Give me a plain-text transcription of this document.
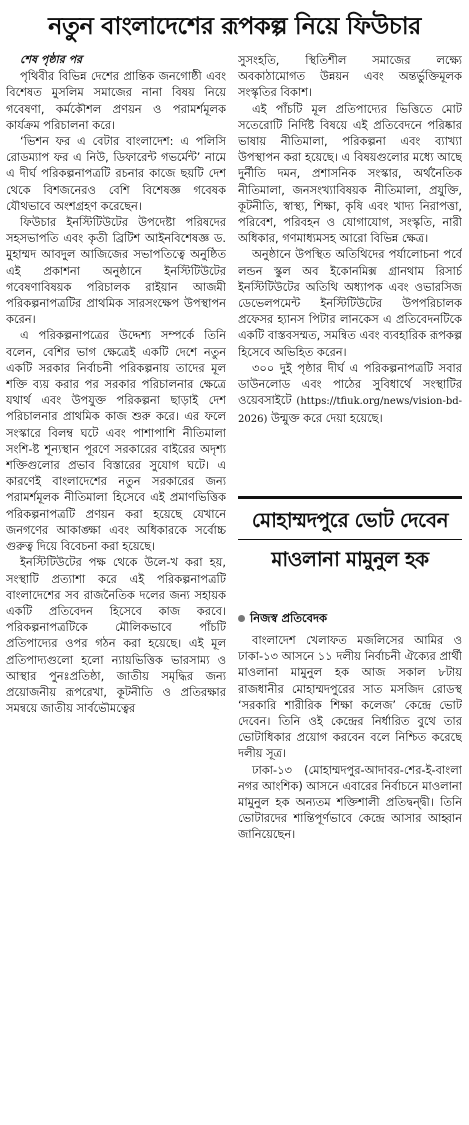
নতুন বাংলাদেশের রূপকল্প নিয়ে ফিউচার

শেষ পৃষ্ঠার পর

পৃথিবীর বিভিন্ন দেশের প্রান্তিক জনগোষ্ঠী এবং বিশেষত মুসলিম সমাজের নানা বিষয় নিয়ে গবেষণা, কর্মকৌশল প্রণয়ন ও পরামর্শমূলক কার্যক্রম পরিচালনা করে।

‘ভিশন ফর এ বেটার বাংলাদেশ: এ পলিসি রোডম্যাপ ফর এ নিউ, ডিফারেন্ট গভর্মেন্ট’ নামে এ দীর্ঘ পরিকল্পনাপত্রটি রচনার কাজে ছয়টি দেশ থেকে বিশজনেরও বেশি বিশেষজ্ঞ গবেষক যৌথভাবে অংশগ্রহণ করেছেন।

ফিউচার ইনস্টিটিউটের উপদেষ্টা পরিষদের সহসভাপতি এবং কৃতী ব্রিটিশ আইনবিশেষজ্ঞ ড. মুহাম্মদ আবদুল আজিজের সভাপতিত্বে অনুষ্ঠিত এই প্রকাশনা অনুষ্ঠানে ইনস্টিটিউটের গবেষণাবিষয়ক পরিচালক রাইয়ান আজমী পরিকল্পনাপত্রটির প্রাথমিক সারসংক্ষেপ উপস্থাপন করেন।

এ পরিকল্পনাপত্রের উদ্দেশ্য সম্পর্কে তিনি বলেন, বেশির ভাগ ক্ষেত্রেই একটি দেশে নতুন একটি সরকার নির্বাচনী পরিকল্পনায় তাদের মূল শক্তি ব্যয় করার পর সরকার পরিচালনার ক্ষেত্রে যথার্থ এবং উপযুক্ত পরিকল্পনা ছাড়াই দেশ পরিচালনার প্রাথমিক কাজ শুরু করে। এর ফলে সংস্কারে বিলম্ব ঘটে এবং পাশাপাশি নীতিমালা সংশি-ষ্ট শূন্যস্থান পূরণে সরকারের বাইরের অদৃশ্য শক্তিগুলোর প্রভাব বিস্তারের সুযোগ ঘটে। এ কারণেই বাংলাদেশের নতুন সরকারের জন্য পরামর্শমূলক নীতিমালা হিসেবে এই প্রমাণভিত্তিক পরিকল্পনাপত্রটি প্রণয়ন করা হয়েছে যেখানে জনগণের আকাঙ্ক্ষা এবং অধিকারকে সর্বোচ্চ গুরুত্ব দিয়ে বিবেচনা করা হয়েছে।

ইনস্টিটিউটের পক্ষ থেকে উলে-খ করা হয়, সংস্থাটি প্রত্যাশা করে এই পরিকল্পনাপত্রটি বাংলাদেশের সব রাজনৈতিক দলের জন্য সহায়ক একটি প্রতিবেদন হিসেবে কাজ করবে। পরিকল্পনাপত্রটিকে মৌলিকভাবে পাঁচটি প্রতিপাদ্যের ওপর গঠন করা হয়েছে। এই মূল প্রতিপাদ্যগুলো হলো ন্যায়ভিত্তিক ভারসাম্য ও আস্থার পুনঃপ্রতিষ্ঠা, জাতীয় সমৃদ্ধির জন্য প্রয়োজনীয় রূপরেখা, কূটনীতি ও প্রতিরক্ষার সমন্বয়ে জাতীয় সার্বভৌমত্বের

সুসংহতি, স্থিতিশীল সমাজের লক্ষ্যে অবকাঠামোগত উন্নয়ন এবং অন্তর্ভুক্তিমূলক সংস্কৃতির বিকাশ।

এই পাঁচটি মূল প্রতিপাদ্যের ভিত্তিতে মোট সতেরোটি নির্দিষ্ট বিষয়ে এই প্রতিবেদনে পরিষ্কার ভাষায় নীতিমালা, পরিকল্পনা এবং ব্যাখ্যা উপস্থাপন করা হয়েছে। এ বিষয়গুলোর মধ্যে আছে দুর্নীতি দমন, প্রশাসনিক সংস্কার, অর্থনৈতিক নীতিমালা, জনসংখ্যাবিষয়ক নীতিমালা, প্রযুক্তি, কূটনীতি, স্বাস্থ্য, শিক্ষা, কৃষি এবং খাদ্য নিরাপত্তা, পরিবেশ, পরিবহন ও যোগাযোগ, সংস্কৃতি, নারী অধিকার, গণমাধ্যমসহ আরো বিভিন্ন ক্ষেত্র।

অনুষ্ঠানে উপস্থিত অতিথিদের পর্যালোচনা পর্বে লন্ডন স্কুল অব ইকোনমিক্স গ্রানথাম রিসার্চ ইনস্টিটিউটের অতিথি অধ্যাপক এবং ওভারসিজ ডেভেলপমেন্ট ইনস্টিটিউটের উপপরিচালক প্রফেসর হ্যানস পিটার লানকেস এ প্রতিবেদনটিকে একটি বাস্তবসম্মত, সমন্বিত এবং ব্যবহারিক রূপকল্প হিসেবে অভিহিত করেন।

৩০০ দুই পৃষ্ঠার দীর্ঘ এ পরিকল্পনাপত্রটি সবার ডাউনলোড এবং পাঠের সুবিধার্থে সংস্থাটির ওয়েবসাইটে (https://tfiuk.org/news/vision-bd-2026) উন্মুক্ত করে দেয়া হয়েছে।

মোহাম্মদপুরে ভোট দেবেন
মাওলানা মামুনুল হক
নিজস্ব প্রতিবেদক

বাংলাদেশ খেলাফত মজলিসের আমির ও ঢাকা-১৩ আসনে ১১ দলীয় নির্বাচনী ঐক্যের প্রার্থী মাওলানা মামুনুল হক আজ সকাল ৮টায় রাজধানীর মোহাম্মদপুরের সাত মসজিদ রোডস্থ ‘সরকারি শারীরিক শিক্ষা কলেজ’ কেন্দ্রে ভোট দেবেন। তিনি ওই কেন্দ্রের নির্ধারিত বুথে তার ভোটাধিকার প্রয়োগ করবেন বলে নিশ্চিত করেছে দলীয় সূত্র।

ঢাকা-১৩ (মোহাম্মদপুর-আদাবর-শের-ই-বাংলা নগর আংশিক) আসনে এবারের নির্বাচনে মাওলানা মামুনুল হক অন্যতম শক্তিশালী প্রতিদ্বন্দ্বী। তিনি ভোটারদের শান্তিপূর্ণভাবে কেন্দ্রে আসার আহ্বান জানিয়েছেন।
